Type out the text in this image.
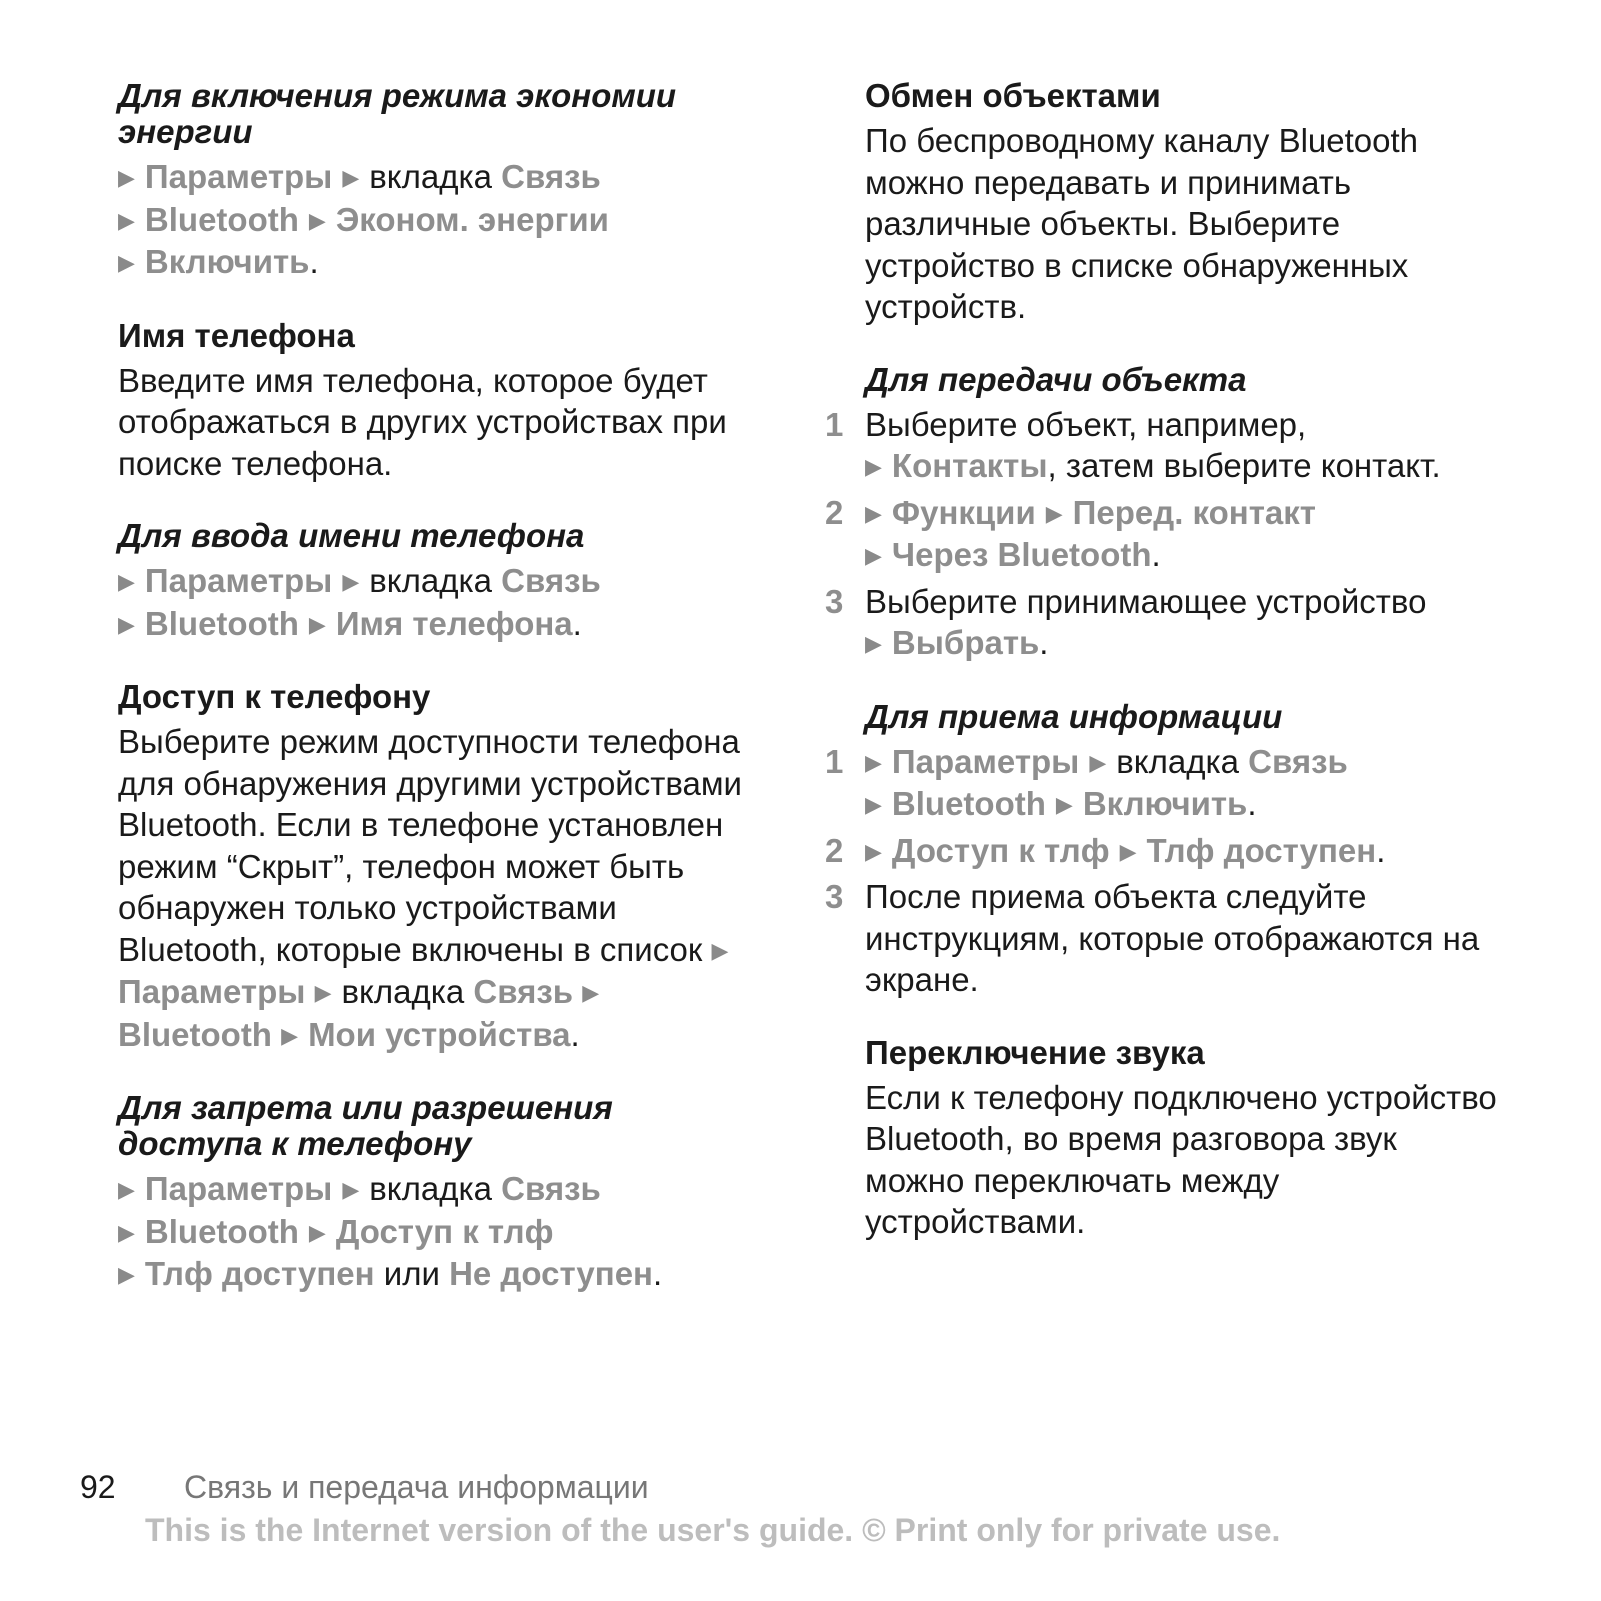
Для включения режима экономии энергии
▶ Параметры ▶ вкладка Связь
▶ Bluetooth ▶ Эконом. энергии
▶ Включить.
Имя телефона

Введите имя телефона, которое будет отображаться в других устройствах при поиске телефона.

Для ввода имени телефона
▶ Параметры ▶ вкладка Связь
▶ Bluetooth ▶ Имя телефона.
Доступ к телефону

Выберите режим доступности телефона для обнаружения другими устройствами Bluetooth. Если в телефоне установлен режим “Скрыт”, телефон может быть обнаружен только устройствами Bluetooth, которые включены в список ▶Параметры ▶ вкладка Связь ▶Bluetooth ▶ Мои устройства.

Для запрета или разрешения доступа к телефону
▶ Параметры ▶ вкладка Связь
▶ Bluetooth ▶ Доступ к тлф
▶ Тлф доступен или Не доступен.
Обмен объектами

По беспроводному каналу Bluetooth можно передавать и принимать различные объекты. Выберите устройство в списке обнаруженных устройств.

Для передачи объекта
1 Выберите объект, например,
▶ Контакты, затем выберите контакт.
2 ▶ Функции ▶ Перед. контакт
▶ Через Bluetooth.
3 Выберите принимающее устройство
▶ Выбрать.
Для приема информации
1 ▶ Параметры ▶ вкладка Связь
▶ Bluetooth ▶ Включить.
2 ▶ Доступ к тлф ▶ Тлф доступен.
3 После приема объекта следуйте инструкциям, которые отображаются на экране.
Переключение звука

Если к телефону подключено устройство Bluetooth, во время разговора звук можно переключать между устройствами.

92 Связь и передача информации
This is the Internet version of the user's guide. © Print only for private use.
